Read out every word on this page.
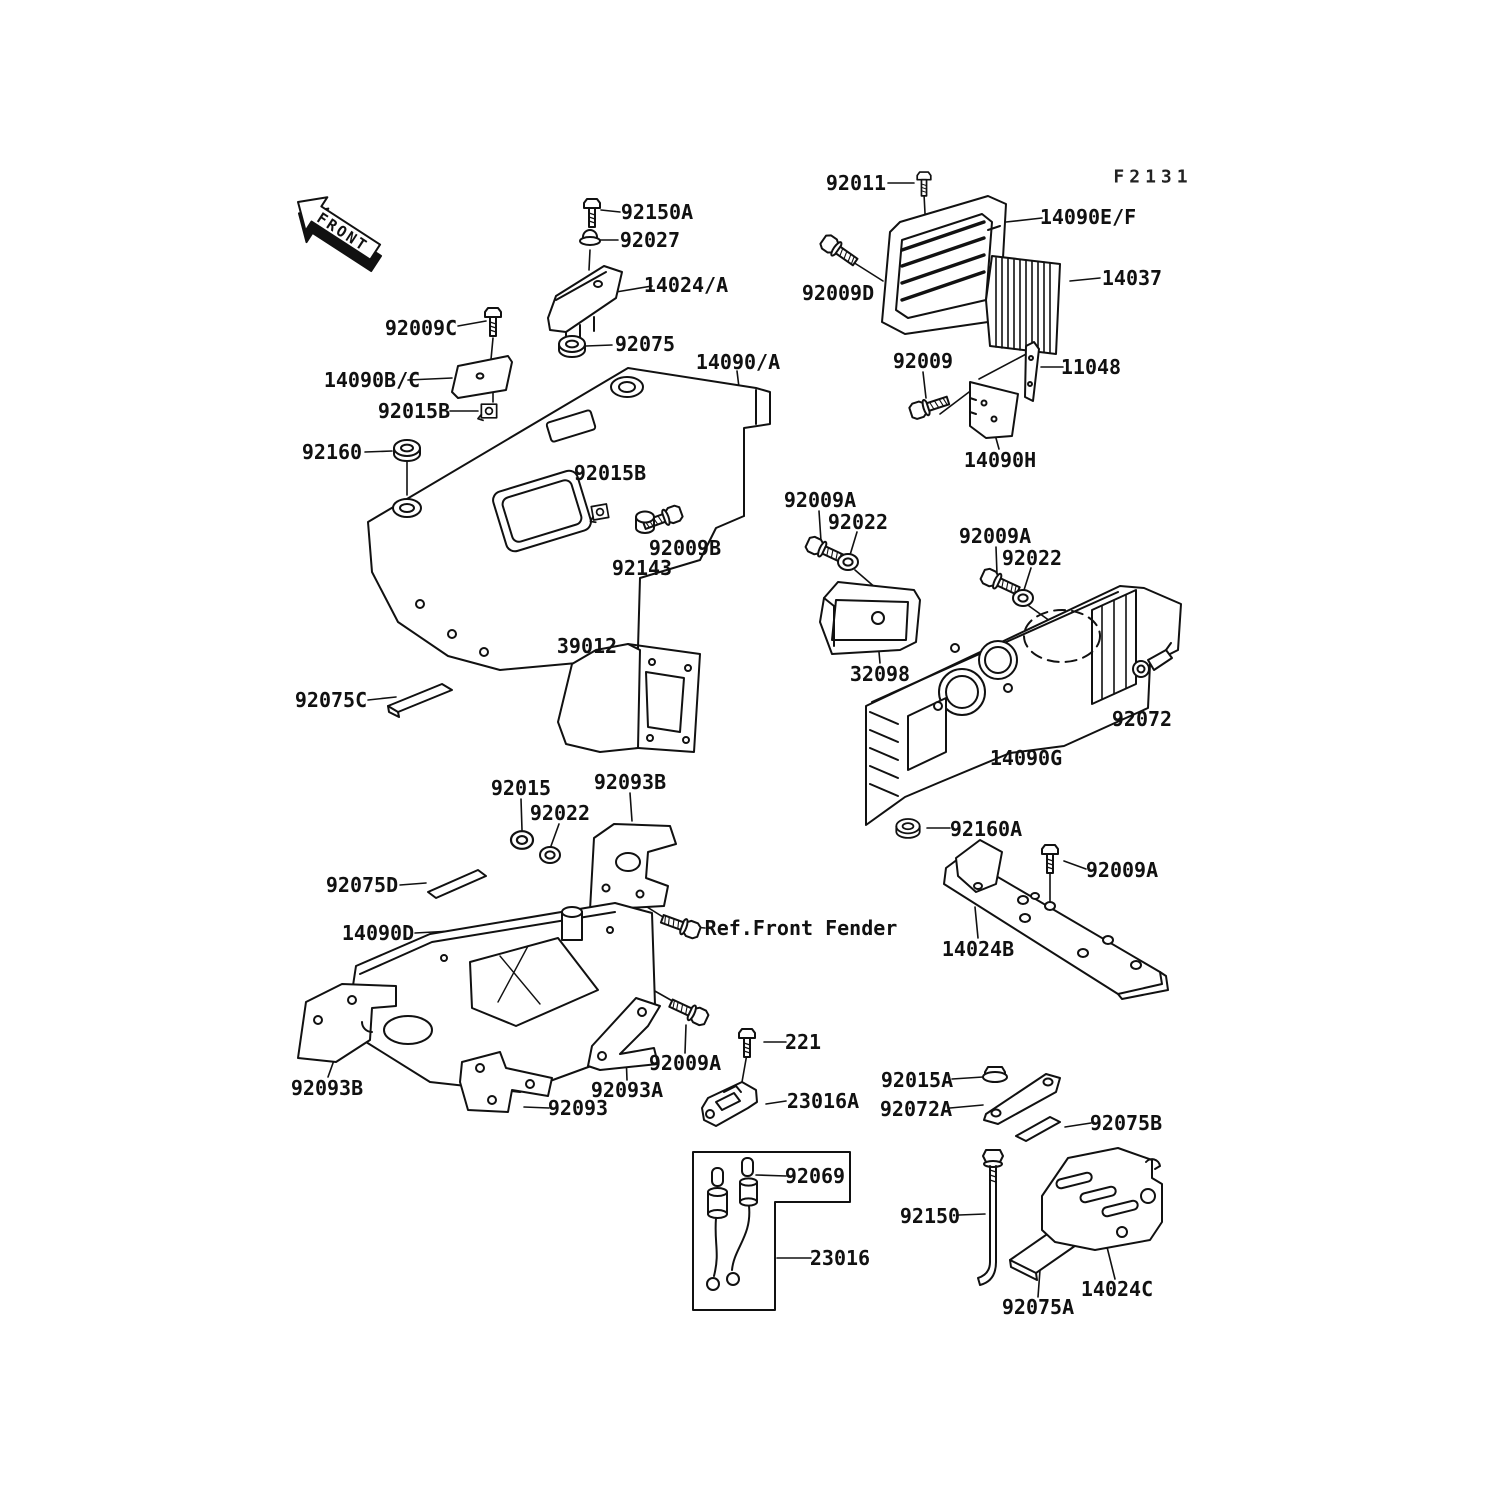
FRONT	92150A
92027
14024/A
92011	F2131
14090E/F
92009C
92075
92009D
14037
14090B/C
92009	11048
92015B
14090/A
14090H
92160
92015B
92009A
92022
92009A
92022
92009B
92143
39012
32098
92075C
92072
14090G
92015
92022
92093B
92160A
92075D
92009A
14090D	Ref.Front Fender
14024B
221
92009A
92015A
92093B	92093A	23016A
92093	92072A
92075B
92069
92150
23016
14024C
92075A
